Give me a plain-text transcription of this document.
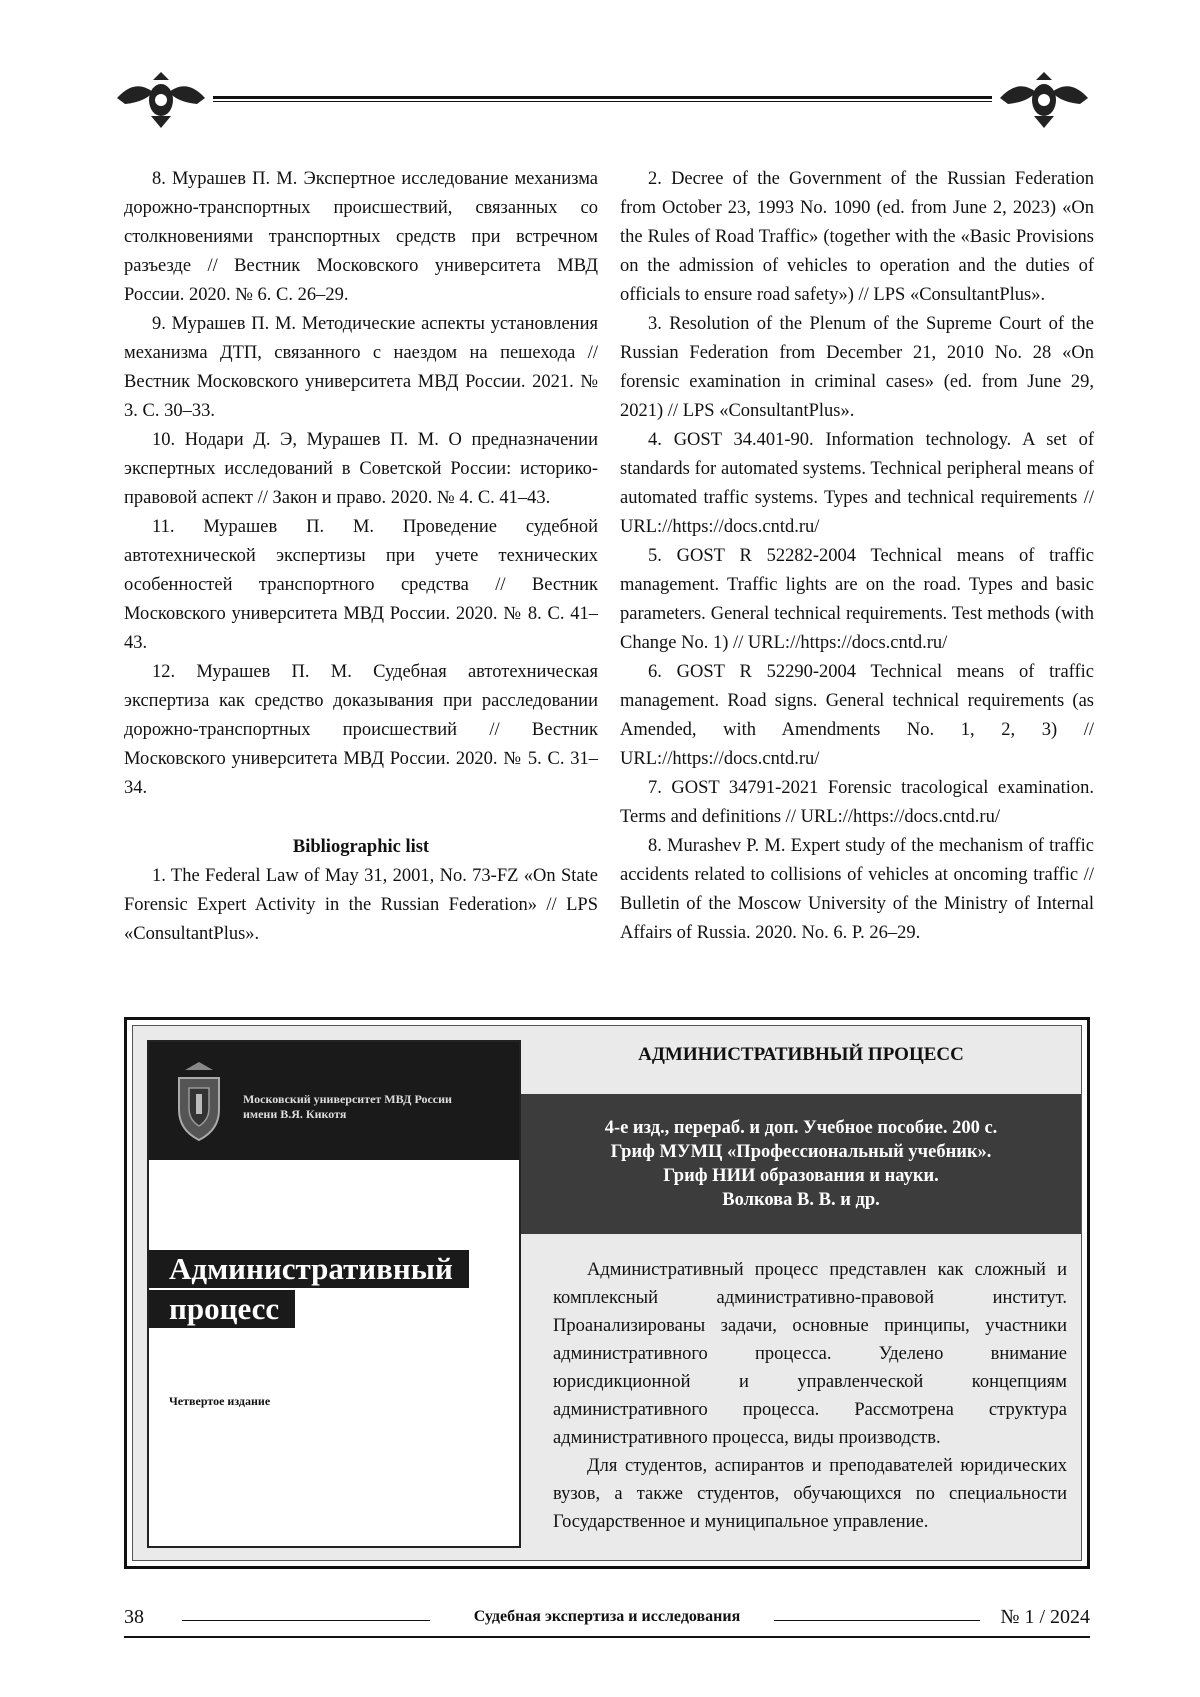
8. Мурашев П. М. Экспертное исследование механизма дорожно-транспортных происшествий, связанных со столкновениями транспортных средств при встречном разъезде // Вестник Московского университета МВД России. 2020. № 6. С. 26–29.

9. Мурашев П. М. Методические аспекты установления механизма ДТП, связанного с наездом на пешехода // Вестник Московского университета МВД России. 2021. № 3. С. 30–33.

10. Нодари Д. Э, Мурашев П. М. О предназначении экспертных исследований в Советской России: историко-правовой аспект // Закон и право. 2020. № 4. С. 41–43.

11. Мурашев П. М. Проведение судебной автотехнической экспертизы при учете технических особенностей транспортного средства // Вестник Московского университета МВД России. 2020. № 8. С. 41–43.

12. Мурашев П. М. Судебная автотехническая экспертиза как средство доказывания при расследовании дорожно-транспортных происшествий // Вестник Московского университета МВД России. 2020. № 5. С. 31–34.

Bibliographic list

1. The Federal Law of May 31, 2001, No. 73-FZ «On State Forensic Expert Activity in the Russian Federation» // LPS «ConsultantPlus».

2. Decree of the Government of the Russian Federation from October 23, 1993 No. 1090 (ed. from June 2, 2023) «On the Rules of Road Traffic» (together with the «Basic Provisions on the admission of vehicles to operation and the duties of officials to ensure road safety») // LPS «ConsultantPlus».

3. Resolution of the Plenum of the Supreme Court of the Russian Federation from December 21, 2010 No. 28 «On forensic examination in criminal cases» (ed. from June 29, 2021) // LPS «ConsultantPlus».

4. GOST 34.401-90. Information technology. A set of standards for automated systems. Technical peripheral means of automated traffic systems. Types and technical requirements // URL://https://docs.cntd.ru/

5. GOST R 52282-2004 Technical means of traffic management. Traffic lights are on the road. Types and basic parameters. General technical requirements. Test methods (with Change No. 1) // URL://https://docs.cntd.ru/

6. GOST R 52290-2004 Technical means of traffic management. Road signs. General technical requirements (as Amended, with Amendments No. 1, 2, 3) // URL://https://docs.cntd.ru/

7. GOST 34791-2021 Forensic tracological examination. Terms and definitions // URL://https://docs.cntd.ru/

8. Murashev P. M. Expert study of the mechanism of traffic accidents related to collisions of vehicles at oncoming traffic // Bulletin of the Moscow University of the Ministry of Internal Affairs of Russia. 2020. No. 6. P. 26–29.

Московский университет МВД России
имени В.Я. Кикотя
Административный
процесс
Четвертое издание
АДМИНИСТРАТИВНЫЙ ПРОЦЕСС
4-е изд., перераб. и доп. Учебное пособие. 200 с.
Гриф МУМЦ «Профессиональный учебник».
Гриф НИИ образования и науки.
Волкова В. В. и др.

Административный процесс представлен как сложный и комплексный административно-правовой институт. Проанализированы задачи, основные принципы, участники административного процесса. Уделено внимание юрисдикционной и управленческой концепциям административного процесса. Рассмотрена структура административного процесса, виды производств.

Для студентов, аспирантов и преподавателей юридических вузов, а также студентов, обучающихся по специальности Государственное и муниципальное управление.

38	Судебная экспертиза и исследования	№ 1 / 2024
